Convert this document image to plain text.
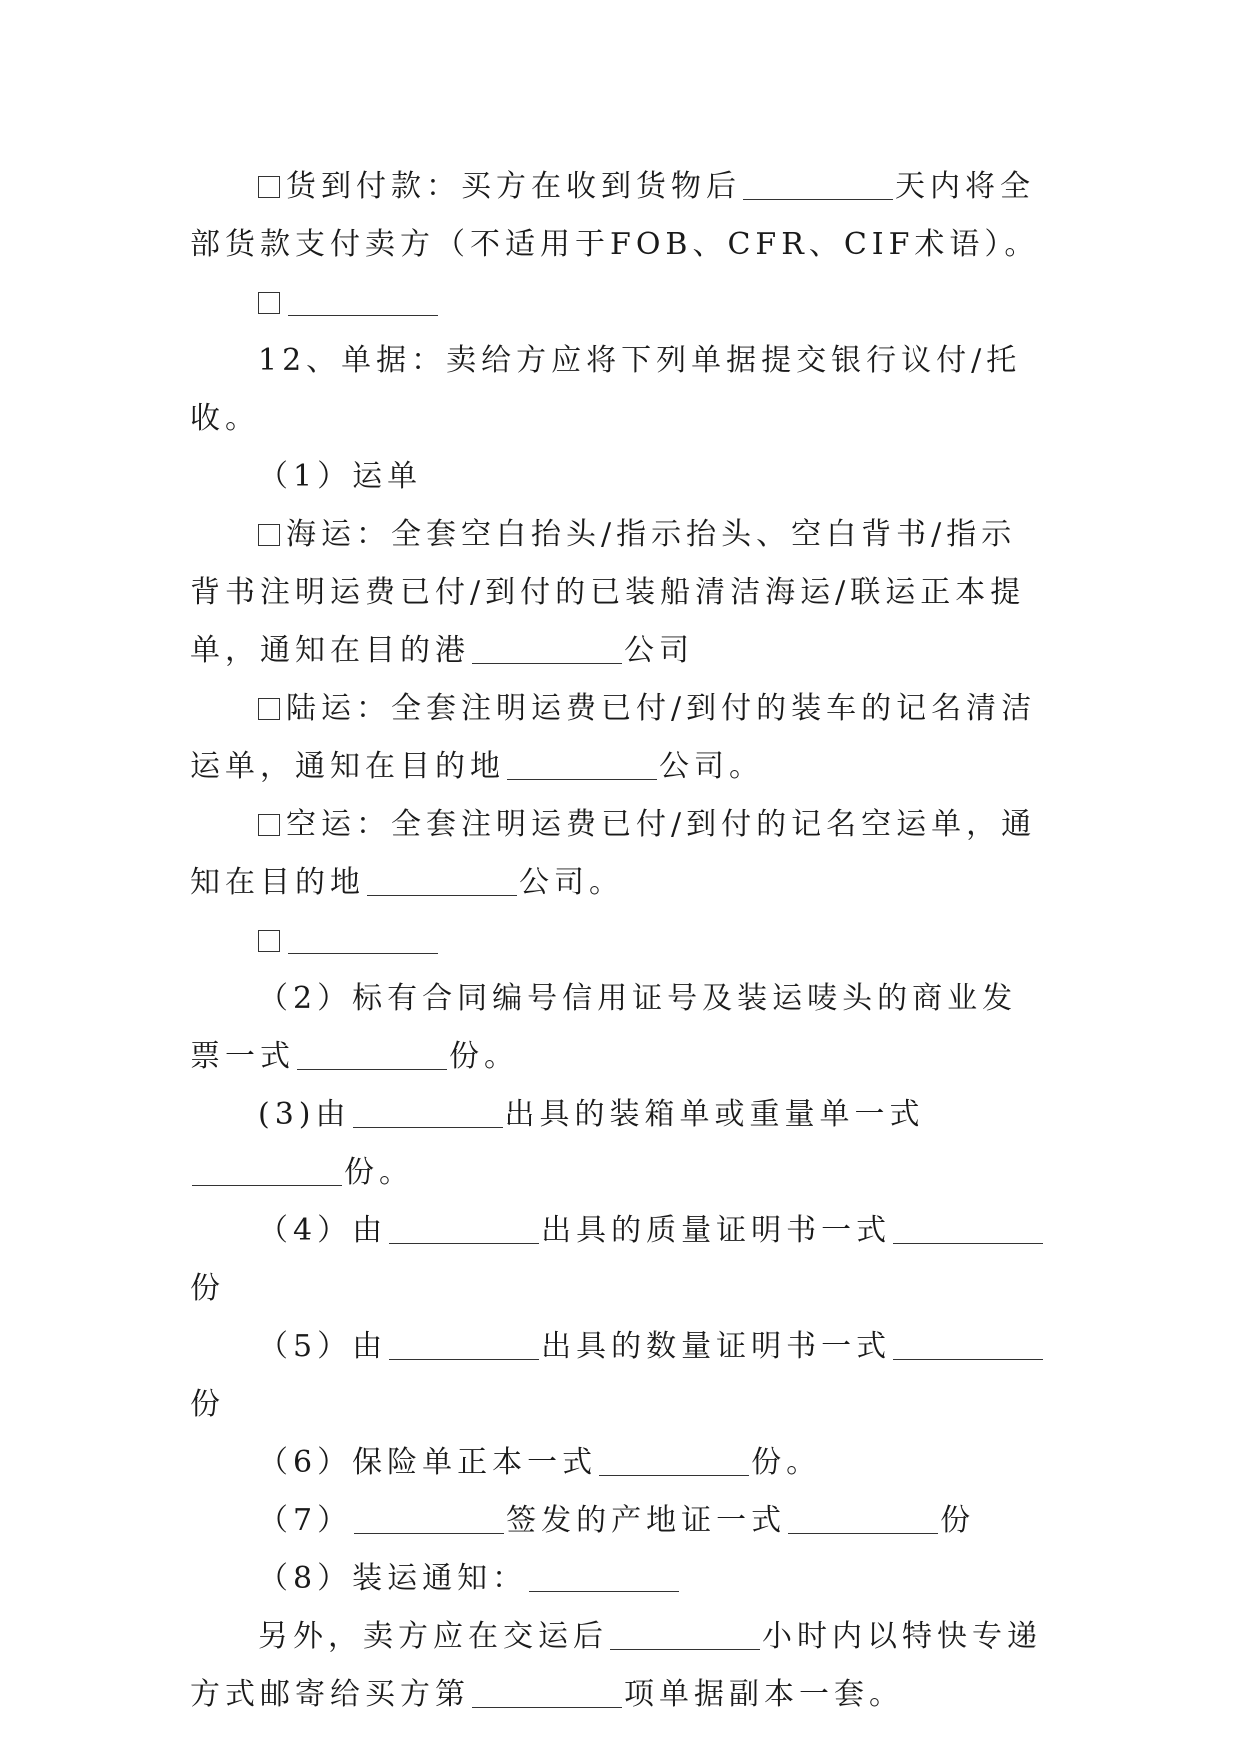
货到付款：买方在收到货物后	天内将全部货款支付卖方（不适用于FOB、CFR、CIF术语）。

12、单据：卖给方应将下列单据提交银行议付/托收。

（1）运单

海运：全套空白抬头/指示抬头、空白背书/指示背书注明运费已付/到付的已装船清洁海运/联运正本提单，通知在目的港	公司

陆运：全套注明运费已付/到付的装车的记名清洁运单，通知在目的地	公司。

空运：全套注明运费已付/到付的记名空运单，通知在目的地	公司。

（2）标有合同编号信用证号及装运唛头的商业发票一式	份。

(3)由	出具的装箱单或重量单一式份。

（4）由	出具的质量证明书一式份

（5）由	出具的数量证明书一式份

（6）保险单正本一式	份。

（7）	签发的产地证一式	份

（8）装运通知：

另外，卖方应在交运后	小时内以特快专递方式邮寄给买方第	项单据副本一套。
